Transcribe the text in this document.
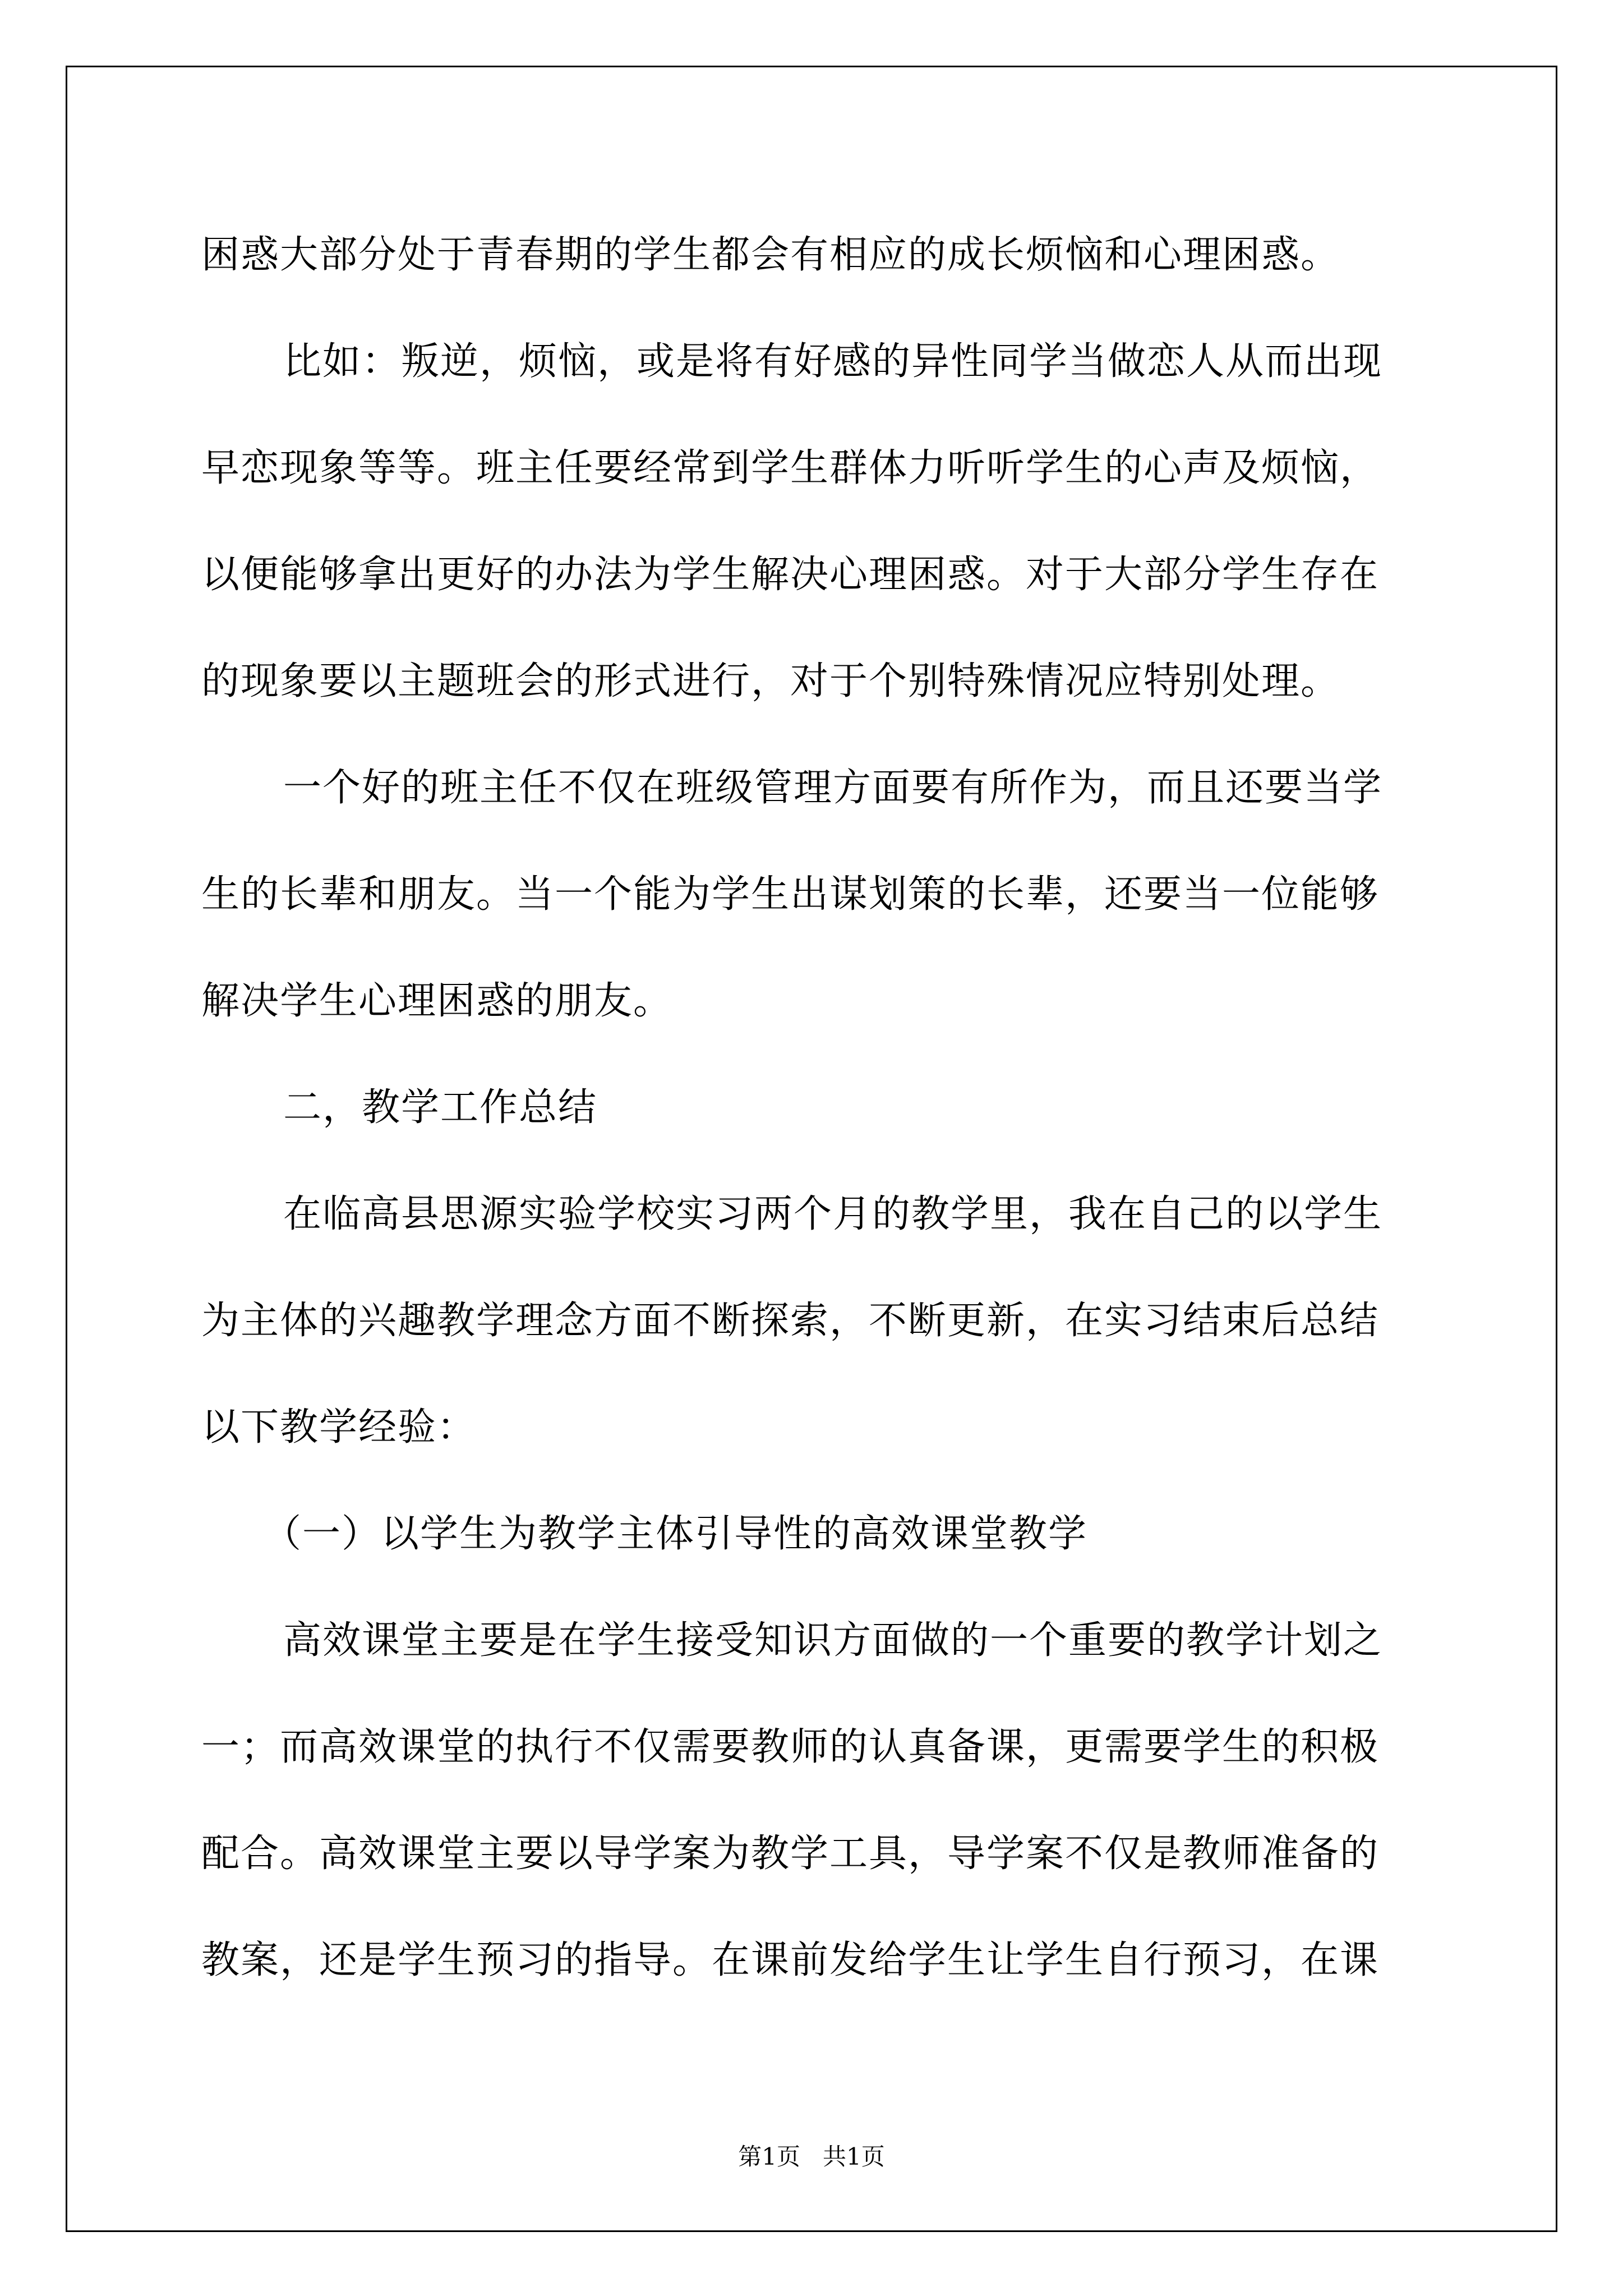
困惑大部分处于青春期的学生都会有相应的成长烦恼和心理困惑。
比如：叛逆，烦恼，或是将有好感的异性同学当做恋人从而出现
早恋现象等等。班主任要经常到学生群体力听听学生的心声及烦恼，
以便能够拿出更好的办法为学生解决心理困惑。对于大部分学生存在
的现象要以主题班会的形式进行，对于个别特殊情况应特别处理。
一个好的班主任不仅在班级管理方面要有所作为，而且还要当学
生的长辈和朋友。当一个能为学生出谋划策的长辈，还要当一位能够
解决学生心理困惑的朋友。
二，教学工作总结
在临高县思源实验学校实习两个月的教学里，我在自己的以学生
为主体的兴趣教学理念方面不断探索，不断更新，在实习结束后总结
以下教学经验：
（一）以学生为教学主体引导性的高效课堂教学
高效课堂主要是在学生接受知识方面做的一个重要的教学计划之
一；而高效课堂的执行不仅需要教师的认真备课，更需要学生的积极
配合。高效课堂主要以导学案为教学工具，导学案不仅是教师准备的
教案，还是学生预习的指导。在课前发给学生让学生自行预习，在课
第1页 共1页
